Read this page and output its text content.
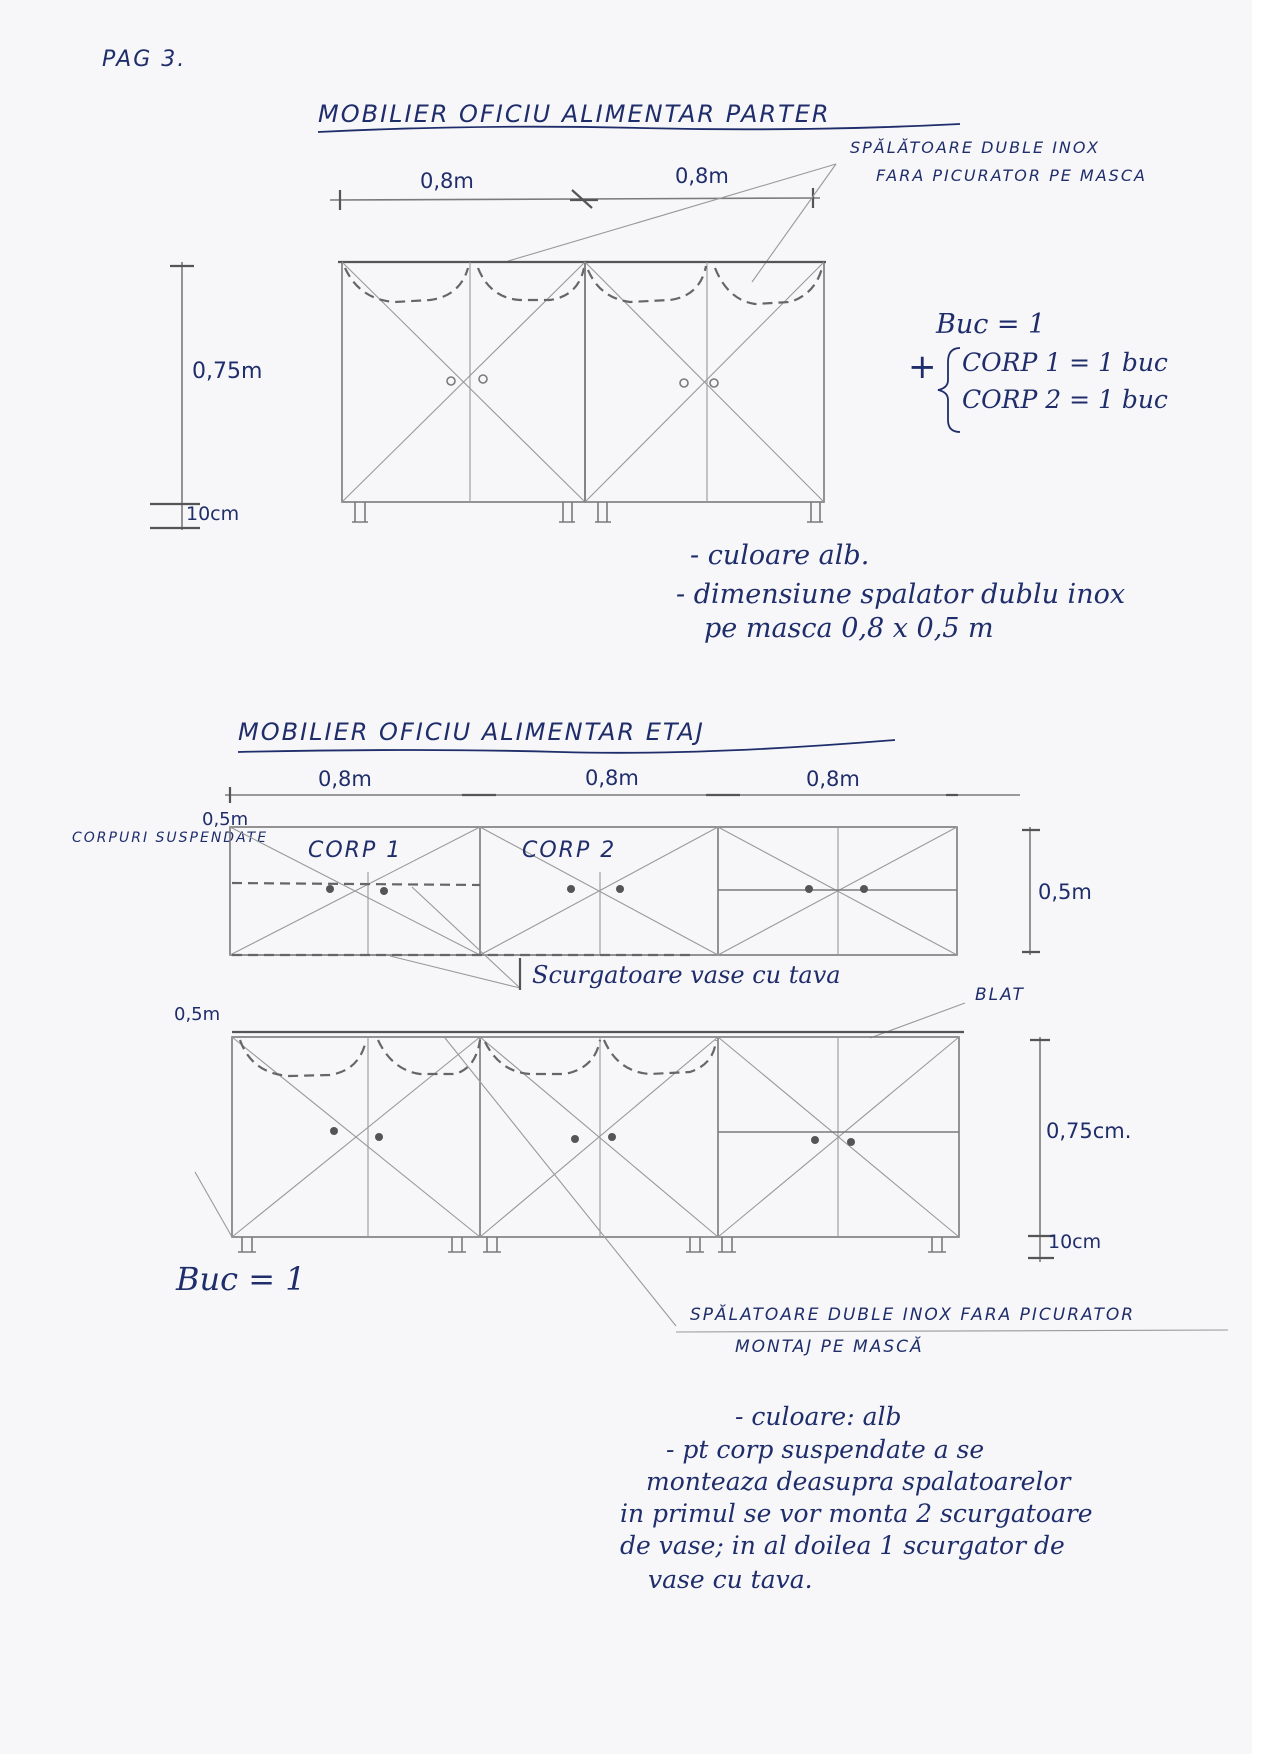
PAG 3.
MOBILIER OFICIU ALIMENTAR PARTER
0,8m	0,8m
SPĂLĂTOARE DUBLE INOX
FARA PICURATOR PE MASCA
0,75m
10cm
Buc = 1
+ CORP 1 = 1 buc
CORP 2 = 1 buc
- culoare alb.
- dimensiune spalator dublu inox
pe masca 0,8 x 0,5 m
MOBILIER OFICIU ALIMENTAR ETAJ
0,8m	0,8m	0,8m
0,5m
CORPURI SUSPENDATE CORP 1	CORP 2
0,5m
Scurgatoare vase cu tava
0,5m
BLAT
0,75cm.
10cm
Buc = 1
SPĂLATOARE DUBLE INOX FARA PICURATOR
MONTAJ PE MASCĂ
- culoare: alb
- pt corp suspendate a se
monteaza deasupra spalatoarelor
in primul se vor monta 2 scurgatoare
de vase; in al doilea 1 scurgator de
vase cu tava.
